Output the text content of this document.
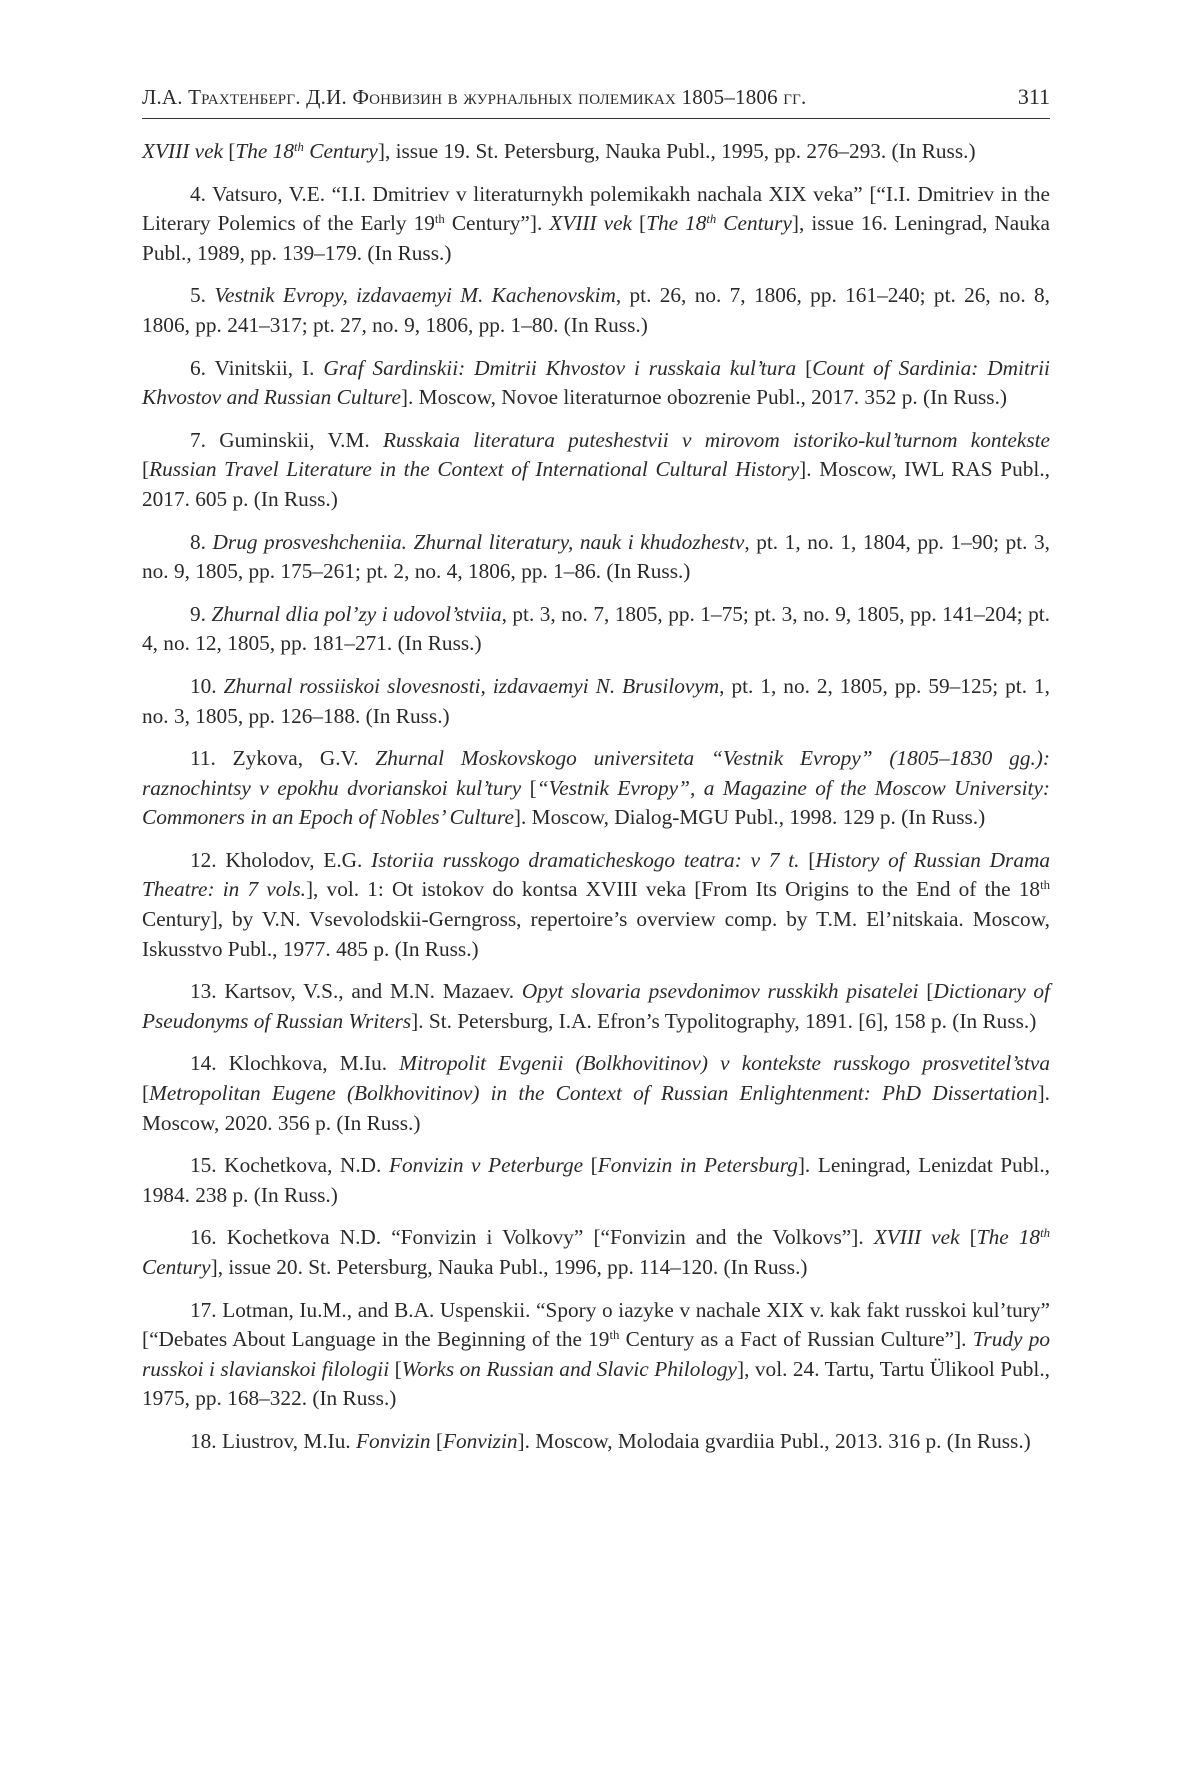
Л.А. Трахтенберг. Д.И. Фонвизин в журнальных полемиках 1805–1806 гг.	311

XVIII vek [The 18th Century], issue 19. St. Petersburg, Nauka Publ., 1995, pp. 276–293. (In Russ.)

4. Vatsuro, V.E. “I.I. Dmitriev v literaturnykh polemikakh nachala XIX veka” [“I.I. Dmitriev in the Literary Polemics of the Early 19th Century”]. XVIII vek [The 18th Century], issue 16. Leningrad, Nauka Publ., 1989, pp. 139–179. (In Russ.)

5. Vestnik Evropy, izdavaemyi M. Kachenovskim, pt. 26, no. 7, 1806, pp. 161–240; pt. 26, no. 8, 1806, pp. 241–317; pt. 27, no. 9, 1806, pp. 1–80. (In Russ.)

6. Vinitskii, I. Graf Sardinskii: Dmitrii Khvostov i russkaia kul’tura [Count of Sardinia: Dmitrii Khvostov and Russian Culture]. Moscow, Novoe literaturnoe obozrenie Publ., 2017. 352 p. (In Russ.)

7. Guminskii, V.M. Russkaia literatura puteshestvii v mirovom istoriko-kul’turnom kontekste [Russian Travel Literature in the Context of International Cultural History]. Moscow, IWL RAS Publ., 2017. 605 p. (In Russ.)

8. Drug prosveshcheniia. Zhurnal literatury, nauk i khudozhestv, pt. 1, no. 1, 1804, pp. 1–90; pt. 3, no. 9, 1805, pp. 175–261; pt. 2, no. 4, 1806, pp. 1–86. (In Russ.)

9. Zhurnal dlia pol’zy i udovol’stviia, pt. 3, no. 7, 1805, pp. 1–75; pt. 3, no. 9, 1805, pp. 141–204; pt. 4, no. 12, 1805, pp. 181–271. (In Russ.)

10. Zhurnal rossiiskoi slovesnosti, izdavaemyi N. Brusilovym, pt. 1, no. 2, 1805, pp. 59–125; pt. 1, no. 3, 1805, pp. 126–188. (In Russ.)

11. Zykova, G.V. Zhurnal Moskovskogo universiteta “Vestnik Evropy” (1805–1830 gg.): raznochintsy v epokhu dvorianskoi kul’tury [“Vestnik Evropy”, a Magazine of the Moscow University: Commoners in an Epoch of Nobles’ Culture]. Moscow, Dialog-MGU Publ., 1998. 129 p. (In Russ.)

12. Kholodov, E.G. Istoriia russkogo dramaticheskogo teatra: v 7 t. [History of Russian Drama Theatre: in 7 vols.], vol. 1: Ot istokov do kontsa XVIII veka [From Its Origins to the End of the 18th Century], by V.N. Vsevolodskii-Gerngross, repertoire’s overview comp. by T.M. El’nitskaia. Moscow, Iskusstvo Publ., 1977. 485 p. (In Russ.)

13. Kartsov, V.S., and M.N. Mazaev. Opyt slovaria psevdonimov russkikh pisatelei [Dictionary of Pseudonyms of Russian Writers]. St. Petersburg, I.A. Efron’s Typolitography, 1891. [6], 158 p. (In Russ.)

14. Klochkova, M.Iu. Mitropolit Evgenii (Bolkhovitinov) v kontekste russkogo prosvetitel’stva [Metropolitan Eugene (Bolkhovitinov) in the Context of Russian Enlightenment: PhD Dissertation]. Moscow, 2020. 356 p. (In Russ.)

15. Kochetkova, N.D. Fonvizin v Peterburge [Fonvizin in Petersburg]. Leningrad, Lenizdat Publ., 1984. 238 p. (In Russ.)

16. Kochetkova N.D. “Fonvizin i Volkovy” [“Fonvizin and the Volkovs”]. XVIII vek [The 18th Century], issue 20. St. Petersburg, Nauka Publ., 1996, pp. 114–120. (In Russ.)

17. Lotman, Iu.M., and B.A. Uspenskii. “Spory o iazyke v nachale XIX v. kak fakt russkoi kul’tury” [“Debates About Language in the Beginning of the 19th Century as a Fact of Russian Culture”]. Trudy po russkoi i slavianskoi filologii [Works on Russian and Slavic Philology], vol. 24. Tartu, Tartu Ülikool Publ., 1975, pp. 168–322. (In Russ.)

18. Liustrov, M.Iu. Fonvizin [Fonvizin]. Moscow, Molodaia gvardiia Publ., 2013. 316 p. (In Russ.)
